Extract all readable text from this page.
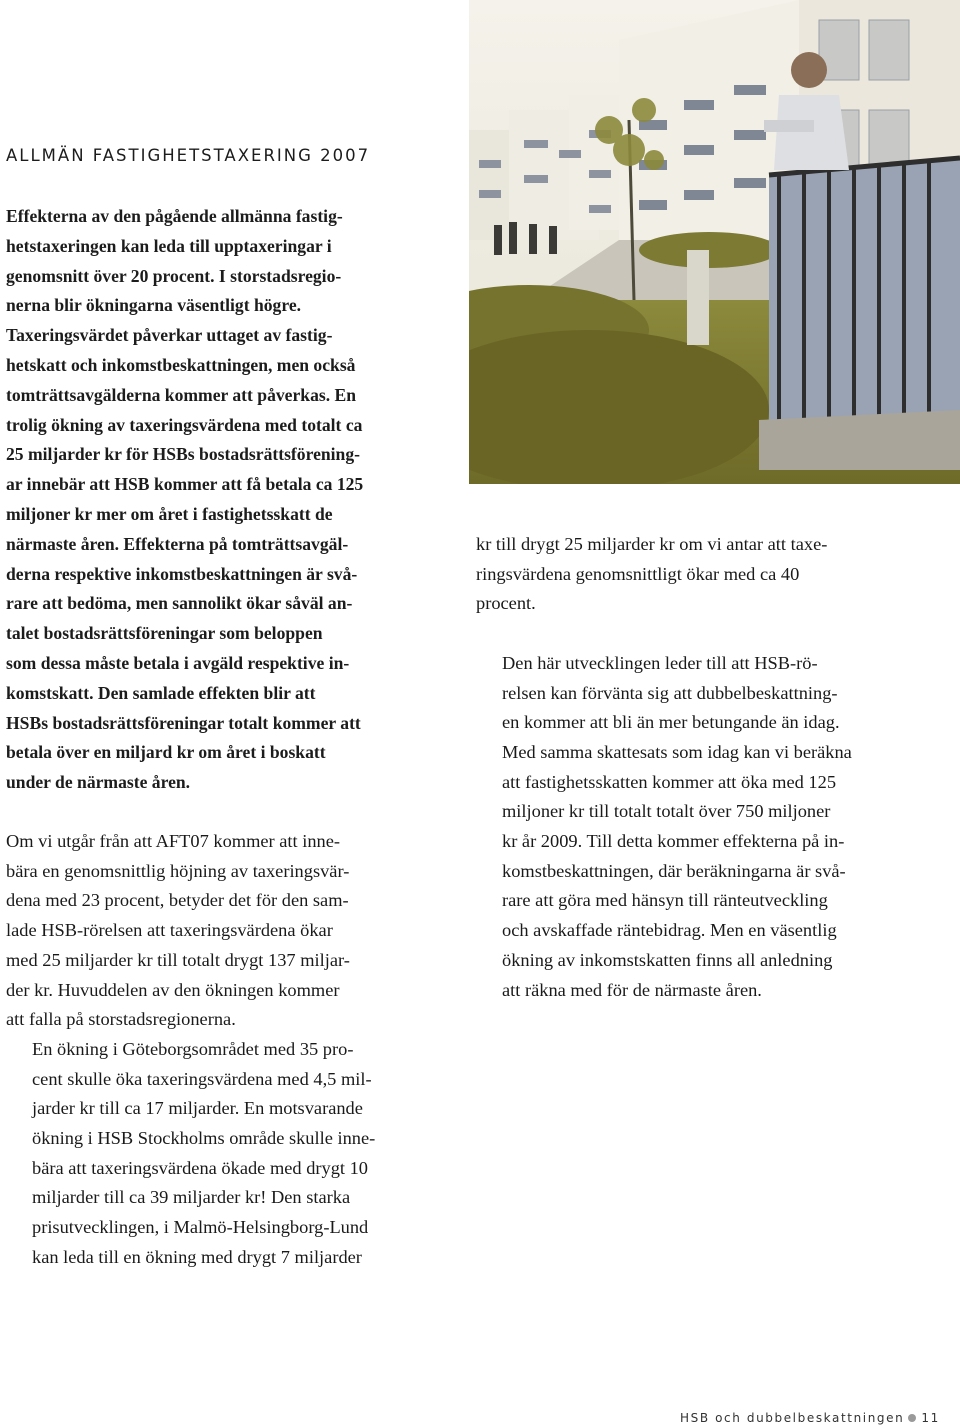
ALLMÄN FASTIGHETSTAXERING 2007

Effekterna av den pågående allmänna fastig-
hetstaxeringen kan leda till upptaxeringar i
genomsnitt över 20 procent. I storstadsregio-
nerna blir ökningarna väsentligt högre.
Taxeringsvärdet påverkar uttaget av fastig-
hetskatt och inkomstbeskattningen, men också
tomträttsavgälderna kommer att påverkas. En
trolig ökning av taxeringsvärdena med totalt ca
25 miljarder kr för HSBs bostadsrättsförening-
ar innebär att HSB kommer att få betala ca 125
miljoner kr mer om året i fastighetsskatt de
närmaste åren. Effekterna på tomträttsavgäl-
derna respektive inkomstbeskattningen är svå-
rare att bedöma, men sannolikt ökar såväl an-
talet bostadsrättsföreningar som beloppen
som dessa måste betala i avgäld respektive in-
komstskatt. Den samlade effekten blir att
HSBs bostadsrättsföreningar totalt kommer att
betala över en miljard kr om året i boskatt
under de närmaste åren.

Om vi utgår från att AFT07 kommer att inne-
bära en genomsnittlig höjning av taxeringsvär-
dena med 23 procent, betyder det för den sam-
lade HSB-rörelsen att taxeringsvärdena ökar
med 25 miljarder kr till totalt drygt 137 miljar-
der kr. Huvuddelen av den ökningen kommer
att falla på storstadsregionerna.

En ökning i Göteborgsområdet med 35 pro-
cent skulle öka taxeringsvärdena med 4,5 mil-
jarder kr till ca 17 miljarder. En motsvarande
ökning i HSB Stockholms område skulle inne-
bära att taxeringsvärdena ökade med drygt 10
miljarder till ca 39 miljarder kr! Den starka
prisutvecklingen, i Malmö-Helsingborg-Lund
kan leda till en ökning med drygt 7 miljarder

kr till drygt 25 miljarder kr om vi antar att taxe-
ringsvärdena genomsnittligt ökar med ca 40
procent.

Den här utvecklingen leder till att HSB-rö-
relsen kan förvänta sig att dubbelbeskattning-
en kommer att bli än mer betungande än idag.
Med samma skattesats som idag kan vi beräkna
att fastighetsskatten kommer att öka med 125
miljoner kr till totalt totalt över 750 miljoner
kr år 2009. Till detta kommer effekterna på in-
komstbeskattningen, där beräkningarna är svå-
rare att göra med hänsyn till ränteutveckling
och avskaffade räntebidrag. Men en väsentlig
ökning av inkomstskatten finns all anledning
att räkna med för de närmaste åren.

HSB och dubbelbeskattningen 11
